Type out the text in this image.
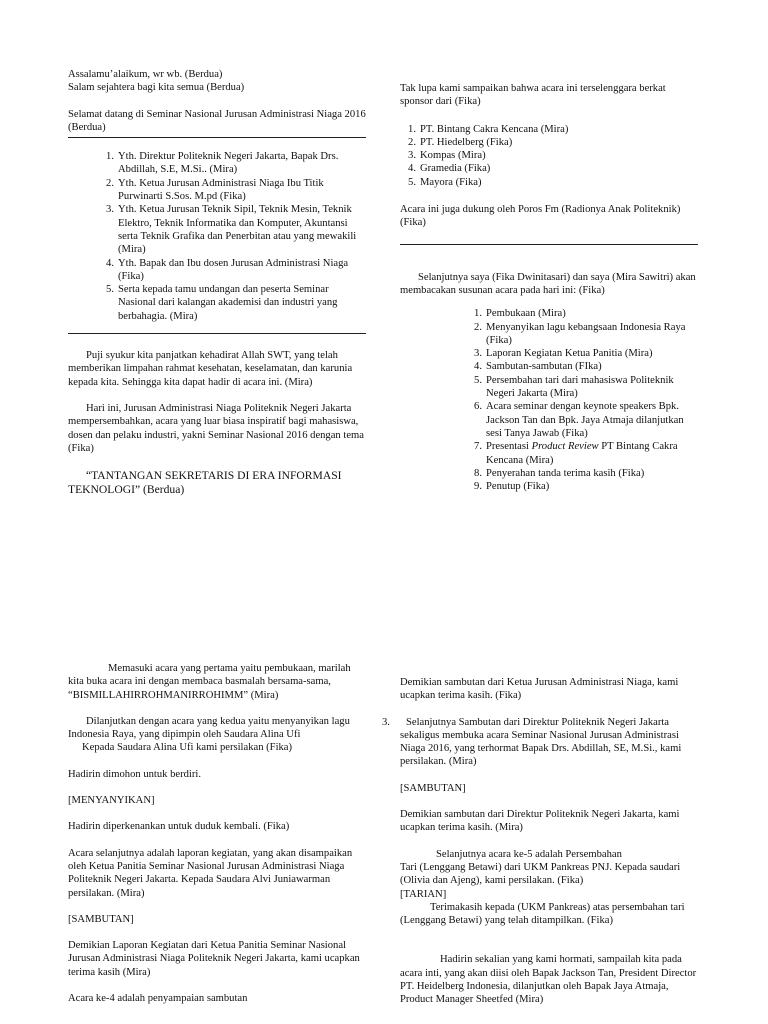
Assalamu’alaikum, wr wb. (Berdua)

Salam sejahtera bagi kita semua (Berdua)

Selamat datang di Seminar Nasional Jurusan Administrasi Niaga 2016 (Berdua)

1. Yth. Direktur Politeknik Negeri Jakarta, Bapak Drs. Abdillah, S.E, M.Si.. (Mira)
2. Yth. Ketua Jurusan Administrasi Niaga Ibu Titik Purwinarti S.Sos. M.pd (Fika)
3. Yth. Ketua Jurusan Teknik Sipil, Teknik Mesin, Teknik Elektro, Teknik Informatika dan Komputer, Akuntansi serta Teknik Grafika dan Penerbitan atau yang mewakili (Mira)
4. Yth. Bapak dan Ibu dosen Jurusan Administrasi Niaga (Fika)
5. Serta kepada tamu undangan dan peserta Seminar Nasional dari kalangan akademisi dan industri yang berbahagia. (Mira)

Puji syukur kita panjatkan kehadirat Allah SWT, yang telah memberikan limpahan rahmat kesehatan, keselamatan, dan karunia kepada kita. Sehingga kita dapat hadir di acara ini. (Mira)

Hari ini, Jurusan Administrasi Niaga Politeknik Negeri Jakarta mempersembahkan, acara yang luar biasa inspiratif bagi mahasiswa, dosen dan pelaku industri, yakni Seminar Nasional 2016 dengan tema (Fika)

“TANTANGAN SEKRETARIS DI ERA INFORMASI TEKNOLOGI” (Berdua)

Tak lupa kami sampaikan bahwa acara ini terselenggara berkat sponsor dari (Fika)

1. PT. Bintang Cakra Kencana (Mira)
2. PT. Hiedelberg (Fika)
3. Kompas (Mira)
4. Gramedia (Fika)
5. Mayora (Fika)

Acara ini juga dukung oleh Poros Fm (Radionya Anak Politeknik) (Fika)

Selanjutnya saya (Fika Dwinitasari) dan saya (Mira Sawitri) akan membacakan susunan acara pada hari ini: (Fika)

1. Pembukaan (Mira)
2. Menyanyikan lagu kebangsaan Indonesia Raya (Fika)
3. Laporan Kegiatan Ketua Panitia (Mira)
4. Sambutan-sambutan (FIka)
5. Persembahan tari dari mahasiswa Politeknik Negeri Jakarta (Mira)
6. Acara seminar dengan keynote speakers Bpk. Jackson Tan dan Bpk. Jaya Atmaja dilanjutkan sesi Tanya Jawab (Fika)
7. Presentasi Product Review PT Bintang Cakra Kencana (Mira)
8. Penyerahan tanda terima kasih (Fika)
9. Penutup (Fika)

Memasuki acara yang pertama yaitu pembukaan, marilah kita buka acara ini dengan membaca basmalah bersama-sama, “BISMILLAHIRROHMANIRROHIMM” (Mira)

Dilanjutkan dengan acara yang kedua yaitu menyanyikan lagu Indonesia Raya, yang dipimpin oleh Saudara Alina Ufi

Kepada Saudara Alina Ufi kami persilakan (Fika)

Hadirin dimohon untuk berdiri.

[MENYANYIKAN]

Hadirin diperkenankan untuk duduk kembali. (Fika)

Acara selanjutnya adalah laporan kegiatan, yang akan disampaikan oleh Ketua Panitia Seminar Nasional Jurusan Administrasi Niaga Politeknik Negeri Jakarta. Kepada Saudara Alvi Juniawarman persilakan. (Mira)

[SAMBUTAN]

Demikian Laporan Kegiatan dari Ketua Panitia Seminar Nasional Jurusan Administrasi Niaga Politeknik Negeri Jakarta, kami ucapkan terima kasih (Mira)

Acara ke-4 adalah penyampaian sambutan

Demikian sambutan dari Ketua Jurusan Administrasi Niaga, kami ucapkan terima kasih. (Fika)

3.	Selanjutnya Sambutan dari Direktur Politeknik Negeri Jakarta sekaligus membuka acara Seminar Nasional Jurusan Administrasi Niaga 2016, yang terhormat Bapak Drs. Abdillah, SE, M.Si., kami persilakan. (Mira)

[SAMBUTAN]

Demikian sambutan dari Direktur Politeknik Negeri Jakarta, kami ucapkan terima kasih. (Mira)

Selanjutnya acara ke-5 adalah Persembahan

Tari (Lenggang Betawi) dari UKM Pankreas PNJ. Kepada saudari (Olivia dan Ajeng), kami persilakan. (Fika)

[TARIAN]

Terimakasih kepada (UKM Pankreas) atas persembahan tari (Lenggang Betawi) yang telah ditampilkan. (Fika)

Hadirin sekalian yang kami hormati, sampailah kita pada acara inti, yang akan diisi oleh Bapak Jackson Tan, President Director PT. Heidelberg Indonesia, dilanjutkan oleh Bapak Jaya Atmaja, Product Manager Sheetfed (Mira)
